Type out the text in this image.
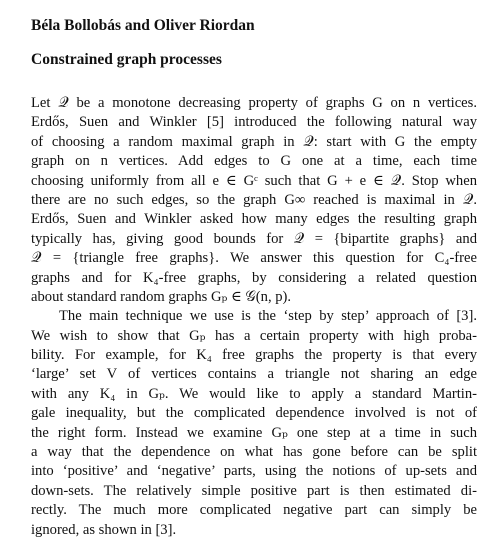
Béla Bollobás and Oliver Riordan
Constrained graph processes
Let 𝒬 be a monotone decreasing property of graphs G on n vertices.
Erdős, Suen and Winkler [5] introduced the following natural way
of choosing a random maximal graph in 𝒬: start with G the empty
graph on n vertices. Add edges to G one at a time, each time
choosing uniformly from all e ∈ Gᶜ such that G + e ∈ 𝒬. Stop when
there are no such edges, so the graph G∞ reached is maximal in 𝒬.
Erdős, Suen and Winkler asked how many edges the resulting graph
typically has, giving good bounds for 𝒬 = {bipartite graphs} and
𝒬 = {triangle free graphs}. We answer this question for C₄-free
graphs and for K₄-free graphs, by considering a related question
about standard random graphs Gₚ ∈ 𝒢(n, p).
The main technique we use is the ‘step by step’ approach of [3].
We wish to show that Gₚ has a certain property with high proba-
bility. For example, for K₄ free graphs the property is that every
‘large’ set V of vertices contains a triangle not sharing an edge
with any K₄ in Gₚ. We would like to apply a standard Martin-
gale inequality, but the complicated dependence involved is not of
the right form. Instead we examine Gₚ one step at a time in such
a way that the dependence on what has gone before can be split
into ‘positive’ and ‘negative’ parts, using the notions of up-sets and
down-sets. The relatively simple positive part is then estimated di-
rectly. The much more complicated negative part can simply be
ignored, as shown in [3].
